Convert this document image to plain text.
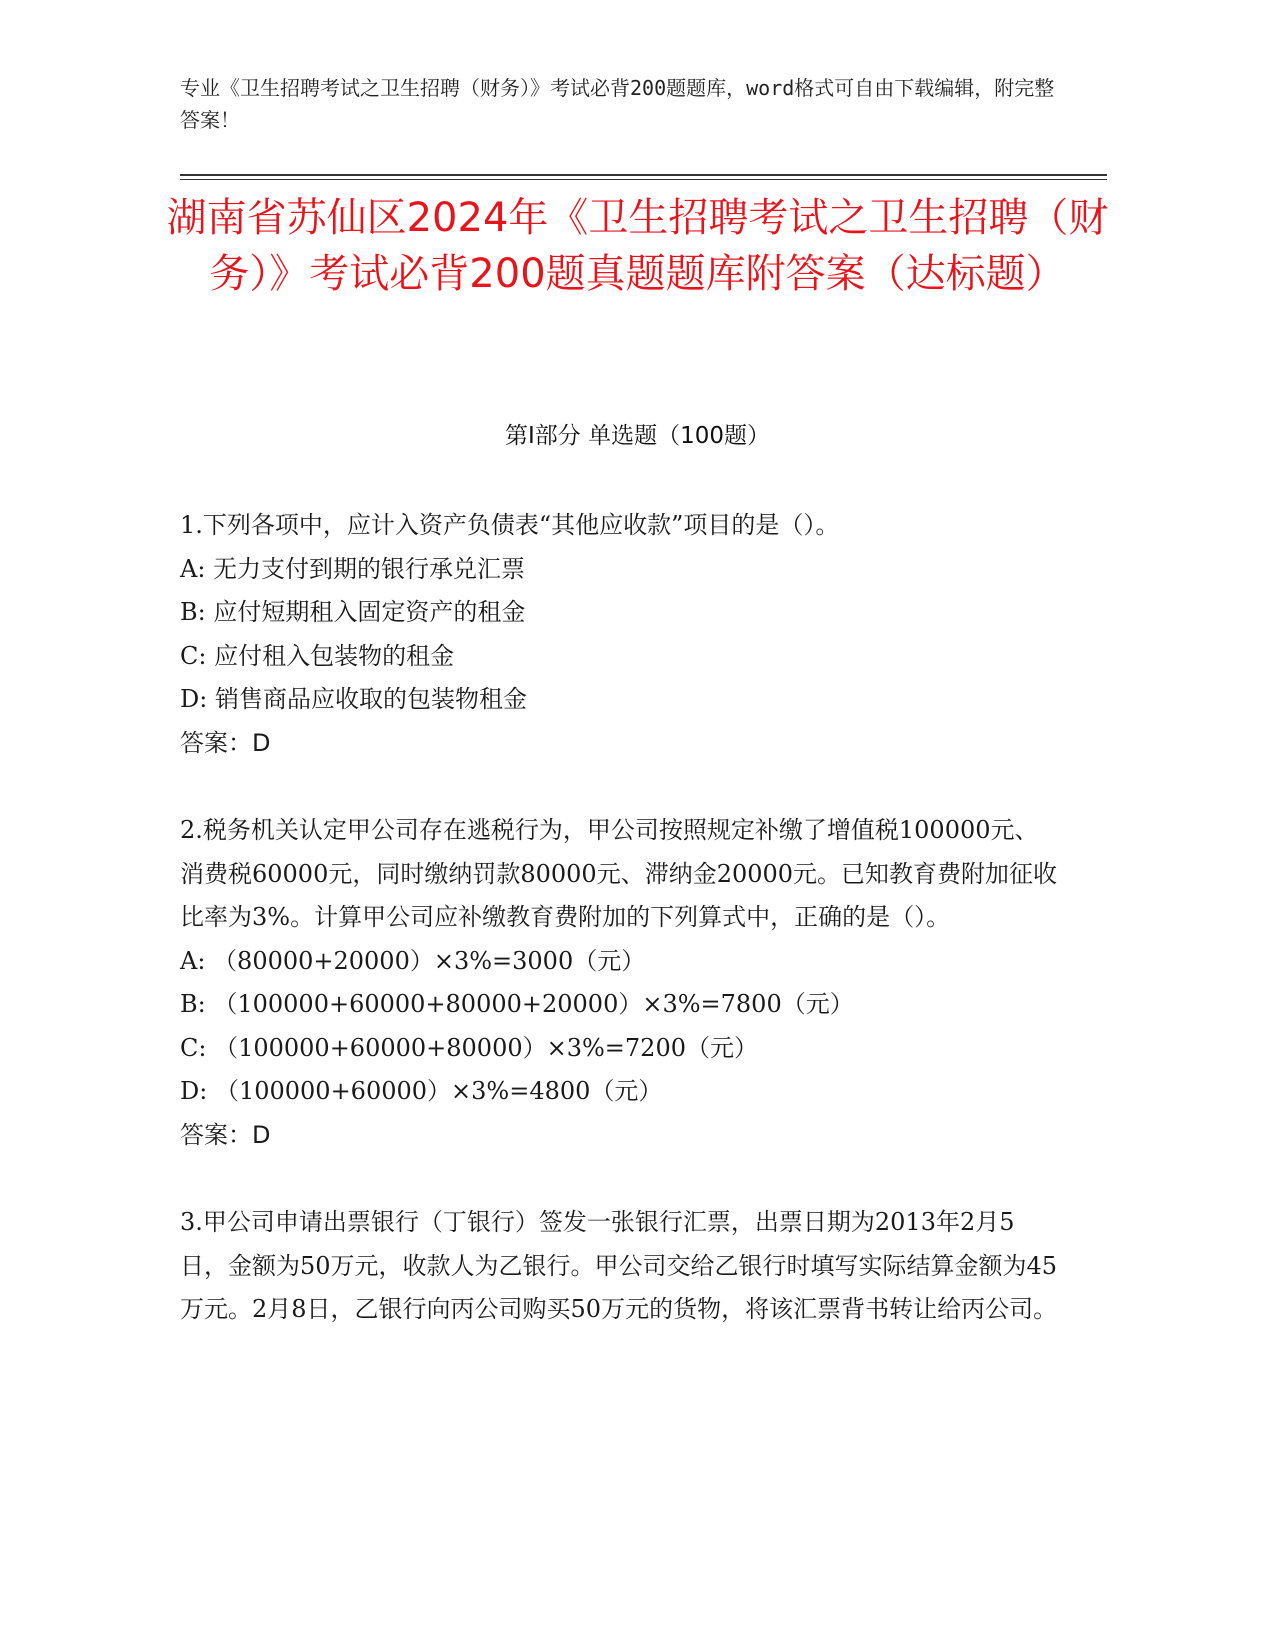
专业《卫生招聘考试之卫生招聘（财务）》考试必背200题题库，word格式可自由下载编辑，附完整答案！
湖南省苏仙区2024年《卫生招聘考试之卫生招聘（财务）》考试必背200题真题题库附答案（达标题）
第Ⅰ部分 单选题（100题）

1.下列各项中，应计入资产负债表“其他应收款”项目的是（）。

A: 无力支付到期的银行承兑汇票

B: 应付短期租入固定资产的租金

C: 应付租入包装物的租金

D: 销售商品应收取的包装物租金

答案：D

2.税务机关认定甲公司存在逃税行为，甲公司按照规定补缴了增值税100000元、消费税60000元，同时缴纳罚款80000元、滞纳金20000元。已知教育费附加征收比率为3%。计算甲公司应补缴教育费附加的下列算式中，正确的是（）。

A: （80000+20000）×3%=3000（元）

B: （100000+60000+80000+20000）×3%=7800（元）

C: （100000+60000+80000）×3%=7200（元）

D: （100000+60000）×3%=4800（元）

答案：D

3.甲公司申请出票银行（丁银行）签发一张银行汇票，出票日期为2013年2月5日，金额为50万元，收款人为乙银行。甲公司交给乙银行时填写实际结算金额为45万元。2月8日，乙银行向丙公司购买50万元的货物，将该汇票背书转让给丙公司。
